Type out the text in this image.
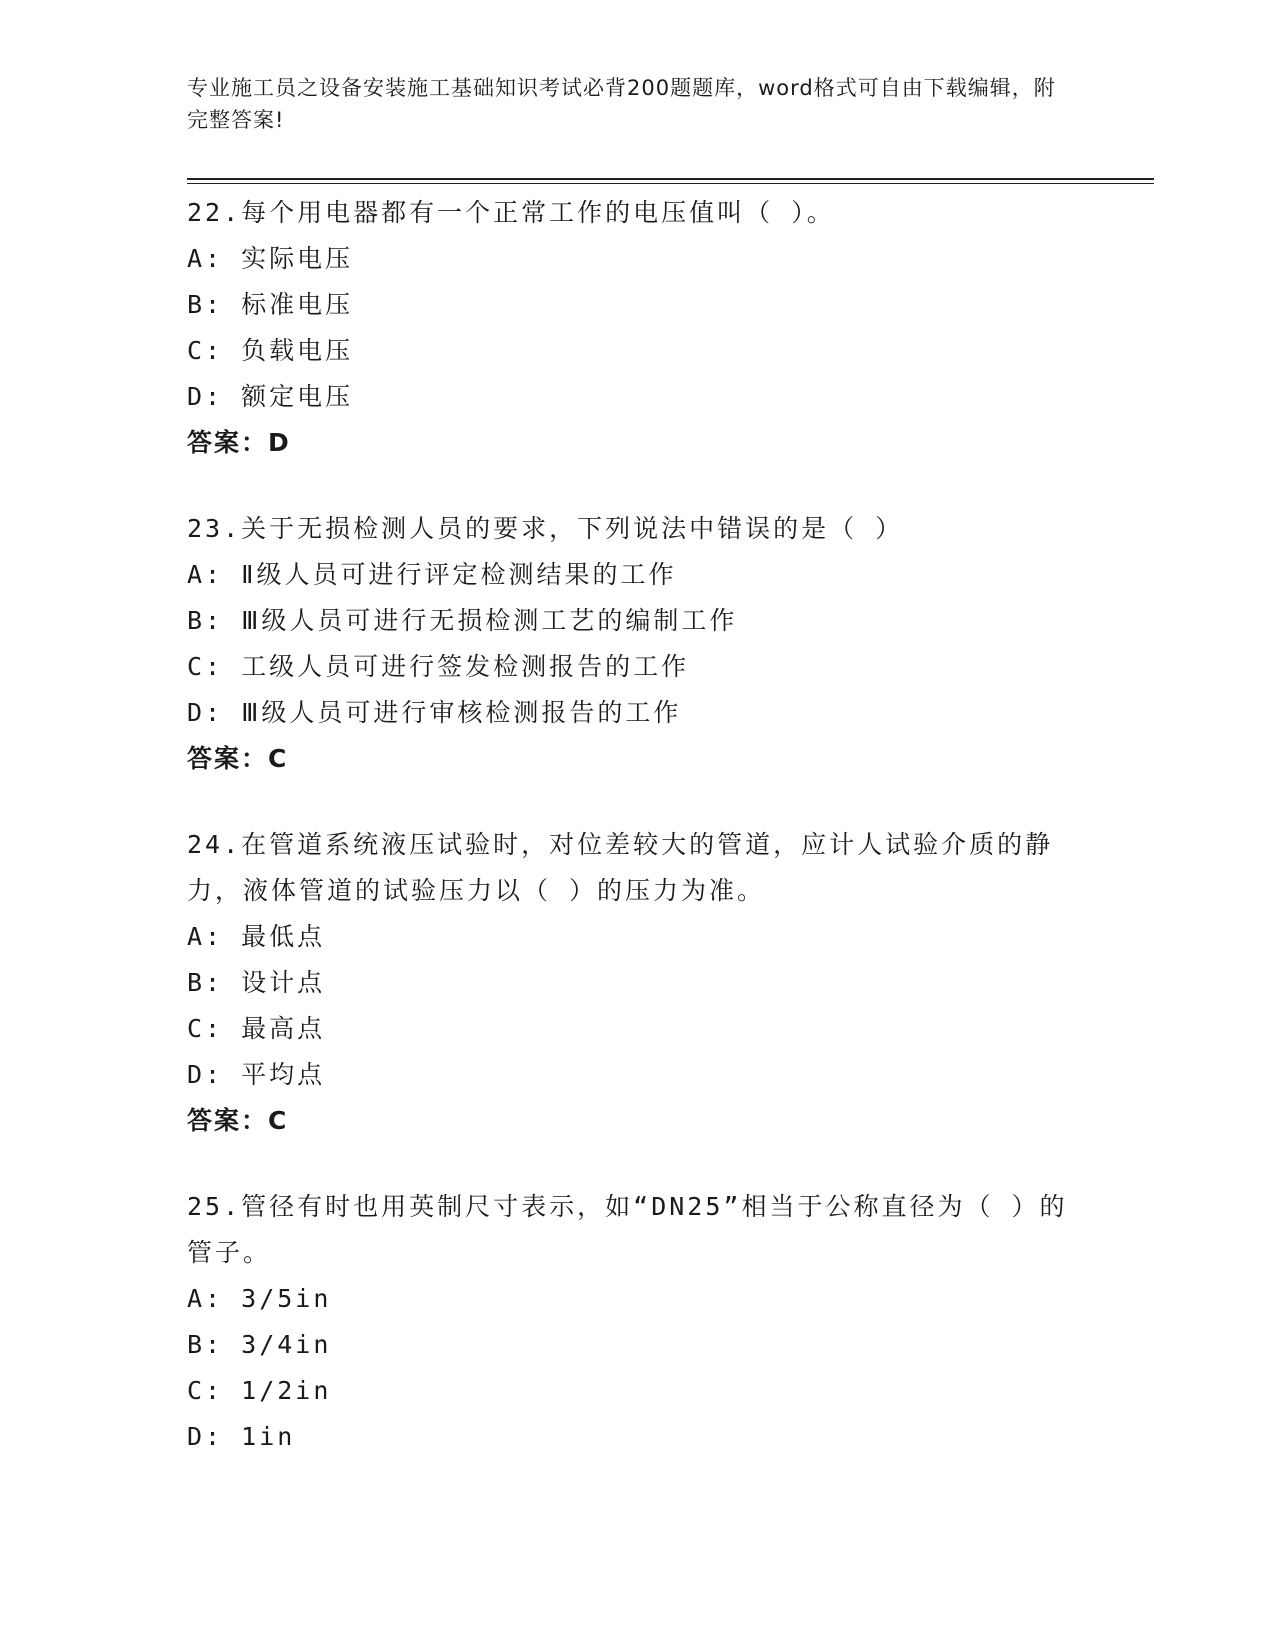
专业施工员之设备安装施工基础知识考试必背200题题库，word格式可自由下载编辑，附完整答案!
22.每个用电器都有一个正常工作的电压值叫（ ）。
A: 实际电压
B: 标准电压
C: 负载电压
D: 额定电压
答案：D
23.关于无损检测人员的要求，下列说法中错误的是（ ）
A: Ⅱ级人员可进行评定检测结果的工作
B: Ⅲ级人员可进行无损检测工艺的编制工作
C: 工级人员可进行签发检测报告的工作
D: Ⅲ级人员可进行审核检测报告的工作
答案：C
24.在管道系统液压试验时，对位差较大的管道，应计人试验介质的静力，液体管道的试验压力以（ ）的压力为准。
A: 最低点
B: 设计点
C: 最高点
D: 平均点
答案：C
25.管径有时也用英制尺寸表示，如“DN25”相当于公称直径为（ ）的管子。
A: 3/5in
B: 3/4in
C: 1/2in
D: 1in
